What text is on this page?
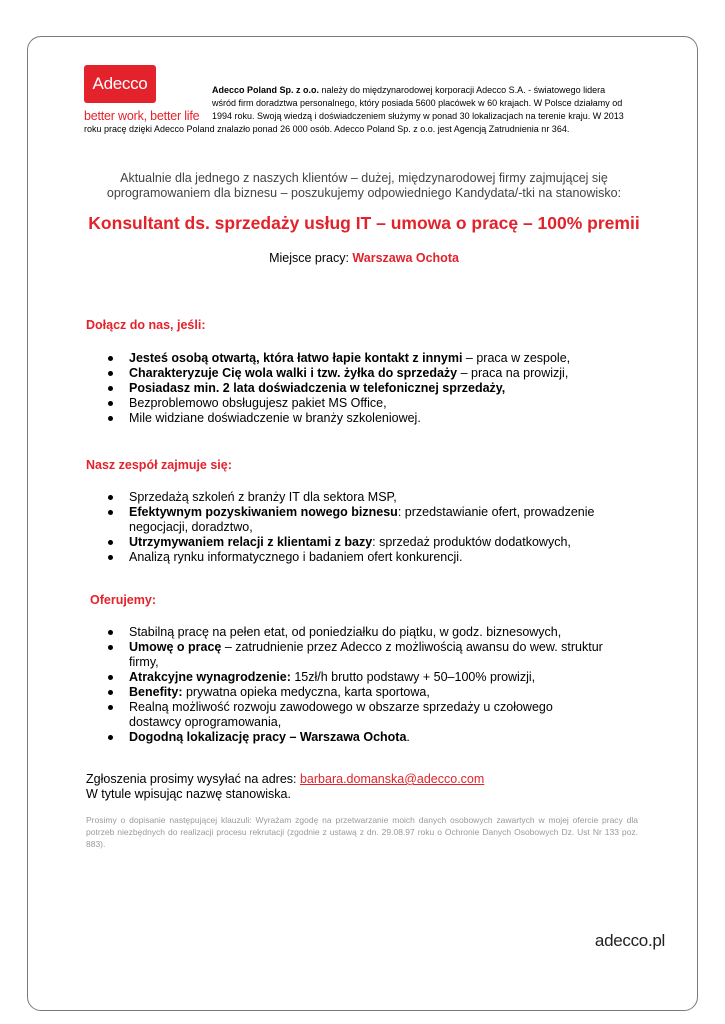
Adecco
better work, better life
Adecco Poland Sp. z o.o. należy do międzynarodowej korporacji Adecco S.A. - światowego lidera wśród firm doradztwa personalnego, który posiada 5600 placówek w 60 krajach. W Polsce działamy od 1994 roku. Swoją wiedzą i doświadczeniem służymy w ponad 30 lokalizacjach na terenie kraju. W 2013 roku pracę dzięki Adecco Poland znalazło ponad 26 000 osób. Adecco Poland Sp. z o.o. jest Agencją Zatrudnienia nr 364.
Aktualnie dla jednego z naszych klientów – dużej, międzynarodowej firmy zajmującej się oprogramowaniem dla biznesu – poszukujemy odpowiedniego Kandydata/-tki na stanowisko:
Konsultant ds. sprzedaży usług IT – umowa o pracę – 100% premii
Miejsce pracy: Warszawa Ochota
Dołącz do nas, jeśli:
Jesteś osobą otwartą, która łatwo łapie kontakt z innymi – praca w zespole,
Charakteryzuje Cię wola walki i tzw. żyłka do sprzedaży – praca na prowizji,
Posiadasz min. 2 lata doświadczenia w telefonicznej sprzedaży,
Bezproblemowo obsługujesz pakiet MS Office,
Mile widziane doświadczenie w branży szkoleniowej.
Nasz zespół zajmuje się:
Sprzedażą szkoleń z branży IT dla sektora MSP,
Efektywnym pozyskiwaniem nowego biznesu: przedstawianie ofert, prowadzenie negocjacji, doradztwo,
Utrzymywaniem relacji z klientami z bazy: sprzedaż produktów dodatkowych,
Analizą rynku informatycznego i badaniem ofert konkurencji.
Oferujemy:
Stabilną pracę na pełen etat, od poniedziałku do piątku, w godz. biznesowych,
Umowę o pracę – zatrudnienie przez Adecco z możliwością awansu do wew. struktur firmy,
Atrakcyjne wynagrodzenie: 15zł/h brutto podstawy + 50–100% prowizji,
Benefity: prywatna opieka medyczna, karta sportowa,
Realną możliwość rozwoju zawodowego w obszarze sprzedaży u czołowego dostawcy oprogramowania,
Dogodną lokalizację pracy – Warszawa Ochota.
Zgłoszenia prosimy wysyłać na adres: barbara.domanska@adecco.com
W tytule wpisując nazwę stanowiska.
Prosimy o dopisanie następującej klauzuli: Wyrażam zgodę na przetwarzanie moich danych osobowych zawartych w mojej ofercie pracy dla potrzeb niezbędnych do realizacji procesu rekrutacji (zgodnie z ustawą z dn. 29.08.97 roku o Ochronie Danych Osobowych Dz. Ust Nr 133 poz. 883).
adecco.pl
